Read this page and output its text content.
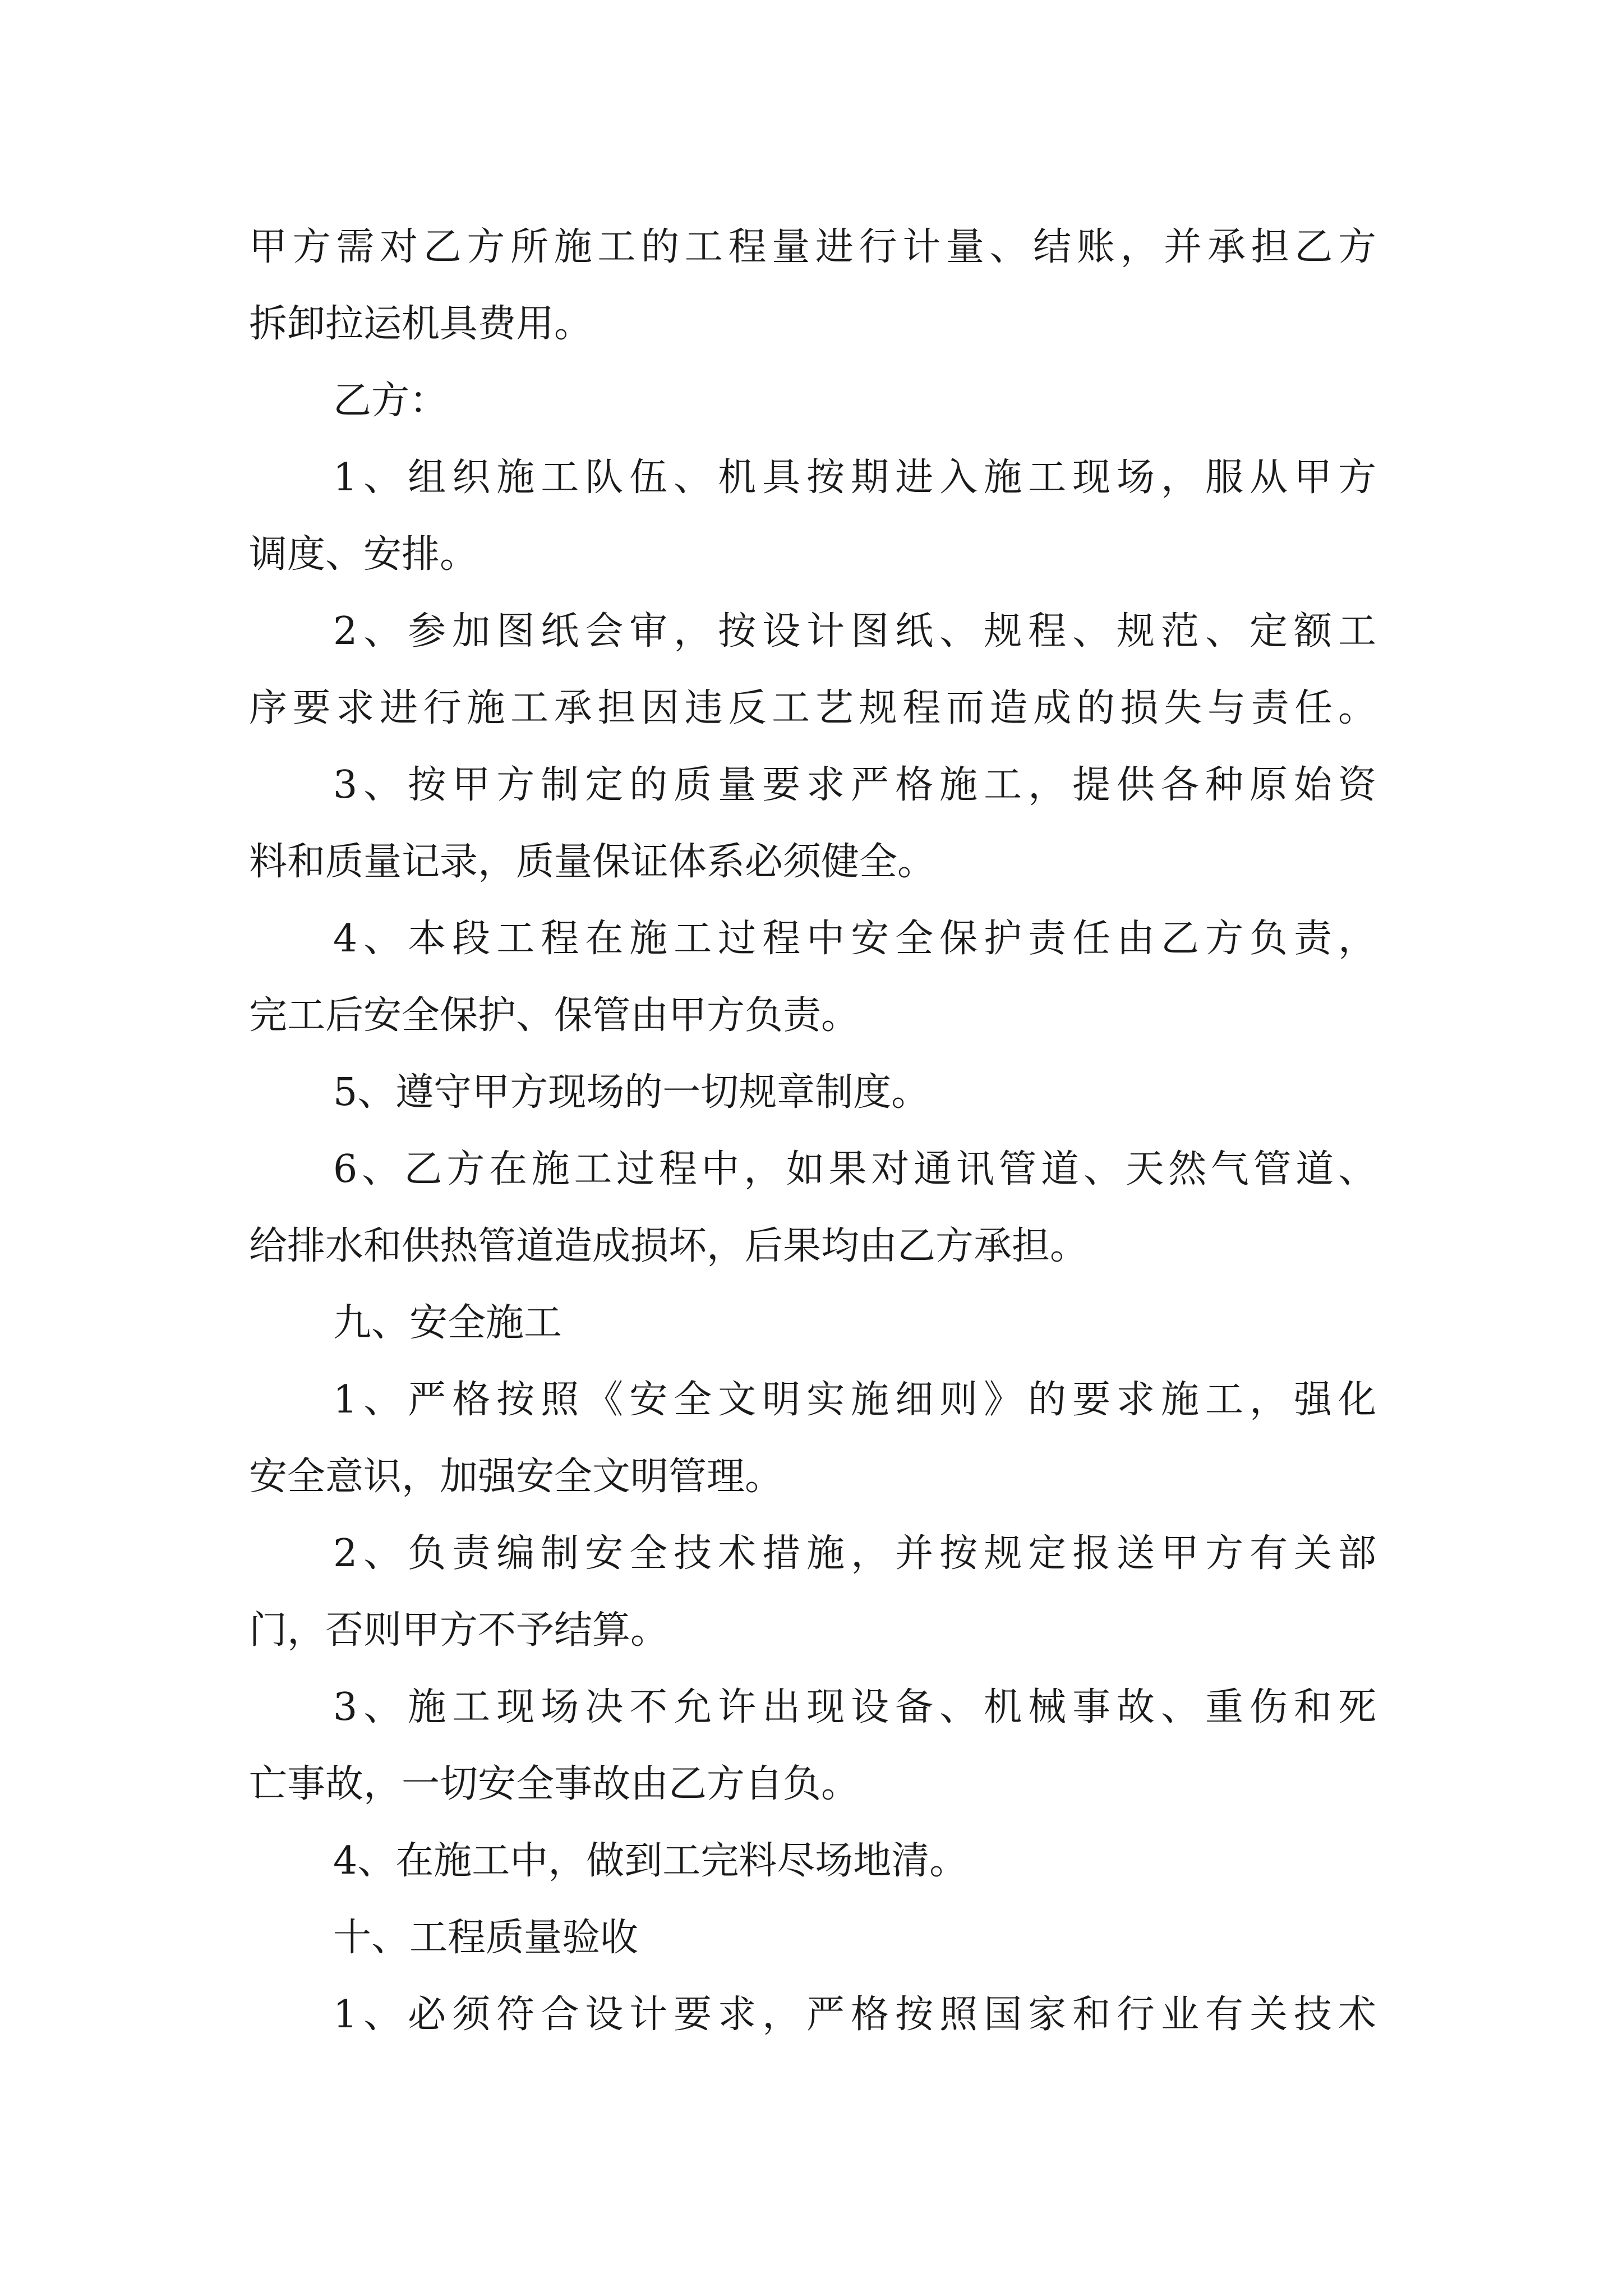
甲方需对乙方所施工的工程量进行计量、结账，并承担乙方
拆卸拉运机具费用。
乙方：
1、组织施工队伍、机具按期进入施工现场，服从甲方
调度、安排。
2、参加图纸会审，按设计图纸、规程、规范、定额工
序要求进行施工承担因违反工艺规程而造成的损失与责任。
3、按甲方制定的质量要求严格施工，提供各种原始资
料和质量记录，质量保证体系必须健全。
4、本段工程在施工过程中安全保护责任由乙方负责，
完工后安全保护、保管由甲方负责。
5、遵守甲方现场的一切规章制度。
6、乙方在施工过程中，如果对通讯管道、天然气管道、
给排水和供热管道造成损坏，后果均由乙方承担。
九、安全施工
1、严格按照《安全文明实施细则》的要求施工，强化
安全意识，加强安全文明管理。
2、负责编制安全技术措施，并按规定报送甲方有关部
门，否则甲方不予结算。
3、施工现场决不允许出现设备、机械事故、重伤和死
亡事故，一切安全事故由乙方自负。
4、在施工中，做到工完料尽场地清。
十、工程质量验收
1、必须符合设计要求，严格按照国家和行业有关技术
